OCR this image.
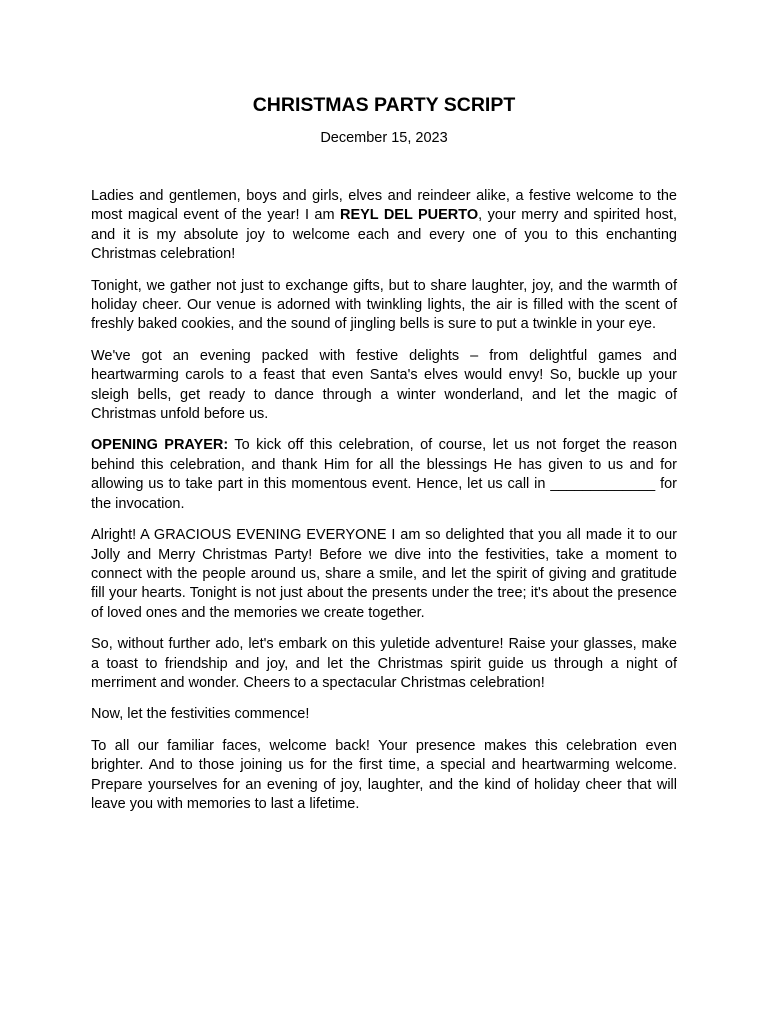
CHRISTMAS PARTY SCRIPT

December 15, 2023

Ladies and gentlemen, boys and girls, elves and reindeer alike, a festive welcome to the most magical event of the year! I am REYL DEL PUERTO, your merry and spirited host, and it is my absolute joy to welcome each and every one of you to this enchanting Christmas celebration!

Tonight, we gather not just to exchange gifts, but to share laughter, joy, and the warmth of holiday cheer. Our venue is adorned with twinkling lights, the air is filled with the scent of freshly baked cookies, and the sound of jingling bells is sure to put a twinkle in your eye.

We've got an evening packed with festive delights – from delightful games and heartwarming carols to a feast that even Santa's elves would envy! So, buckle up your sleigh bells, get ready to dance through a winter wonderland, and let the magic of Christmas unfold before us.

OPENING PRAYER: To kick off this celebration, of course, let us not forget the reason behind this celebration, and thank Him for all the blessings He has given to us and for allowing us to take part in this momentous event. Hence, let us call in _____________ for the invocation.

Alright! A GRACIOUS EVENING EVERYONE I am so delighted that you all made it to our Jolly and Merry Christmas Party! Before we dive into the festivities, take a moment to connect with the people around us, share a smile, and let the spirit of giving and gratitude fill your hearts. Tonight is not just about the presents under the tree; it's about the presence of loved ones and the memories we create together.

So, without further ado, let's embark on this yuletide adventure! Raise your glasses, make a toast to friendship and joy, and let the Christmas spirit guide us through a night of merriment and wonder. Cheers to a spectacular Christmas celebration!

Now, let the festivities commence!

To all our familiar faces, welcome back! Your presence makes this celebration even brighter. And to those joining us for the first time, a special and heartwarming welcome. Prepare yourselves for an evening of joy, laughter, and the kind of holiday cheer that will leave you with memories to last a lifetime.
